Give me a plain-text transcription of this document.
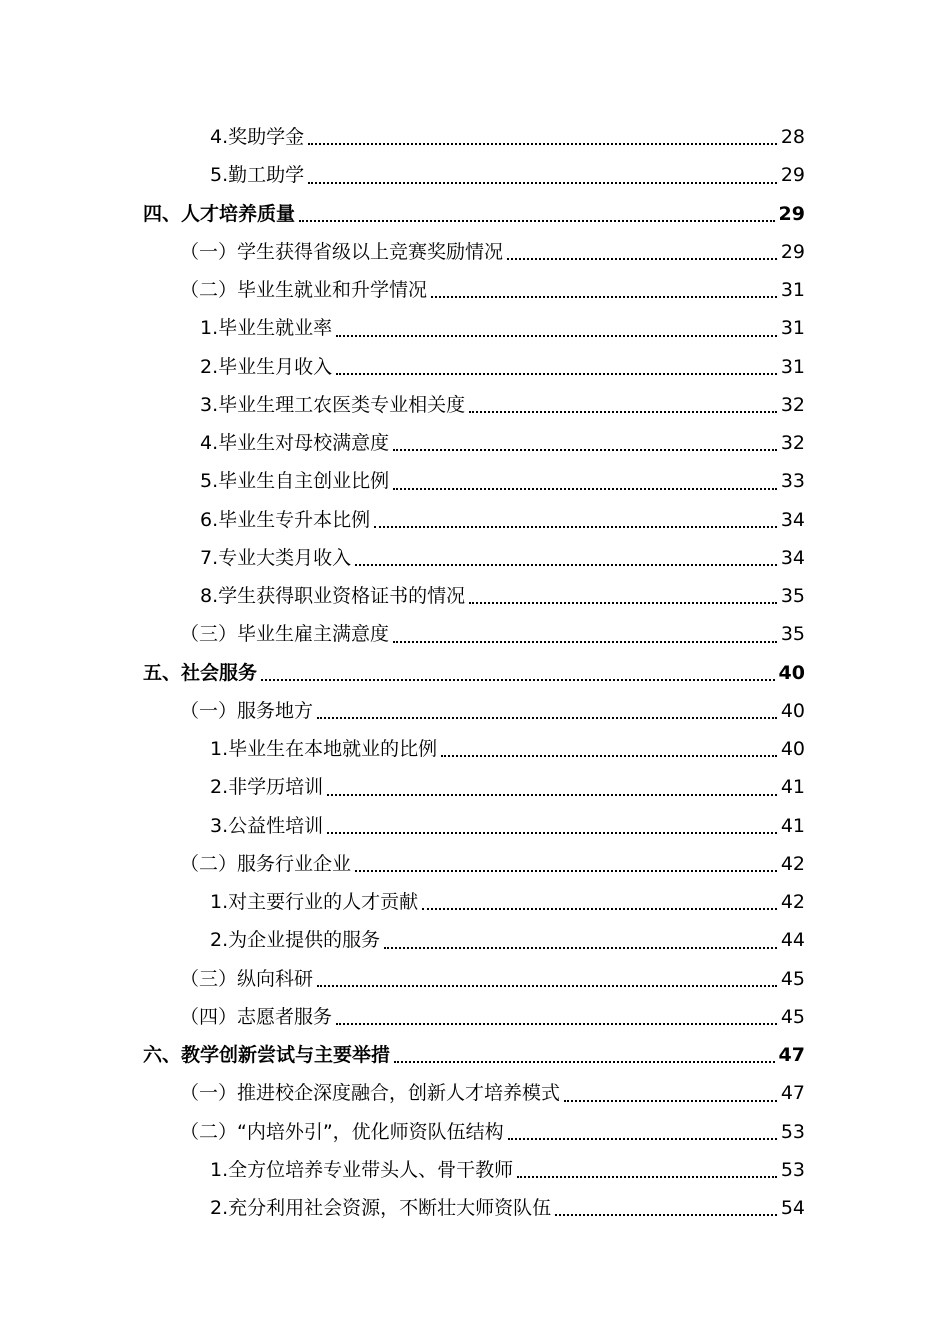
4.奖助学金	28
5.勤工助学	29
四、人才培养质量	29
（一）学生获得省级以上竞赛奖励情况	29
（二）毕业生就业和升学情况	31
1.毕业生就业率	31
2.毕业生月收入	31
3.毕业生理工农医类专业相关度	32
4.毕业生对母校满意度	32
5.毕业生自主创业比例	33
6.毕业生专升本比例	34
7.专业大类月收入	34
8.学生获得职业资格证书的情况	35
（三）毕业生雇主满意度	35
五、社会服务	40
（一）服务地方	40
1.毕业生在本地就业的比例	40
2.非学历培训	41
3.公益性培训	41
（二）服务行业企业	42
1.对主要行业的人才贡献	42
2.为企业提供的服务	44
（三）纵向科研	45
（四）志愿者服务	45
六、教学创新尝试与主要举措	47
（一）推进校企深度融合，创新人才培养模式	47
（二）“内培外引”，优化师资队伍结构	53
1.全方位培养专业带头人、骨干教师	53
2.充分利用社会资源，不断壮大师资队伍	54
